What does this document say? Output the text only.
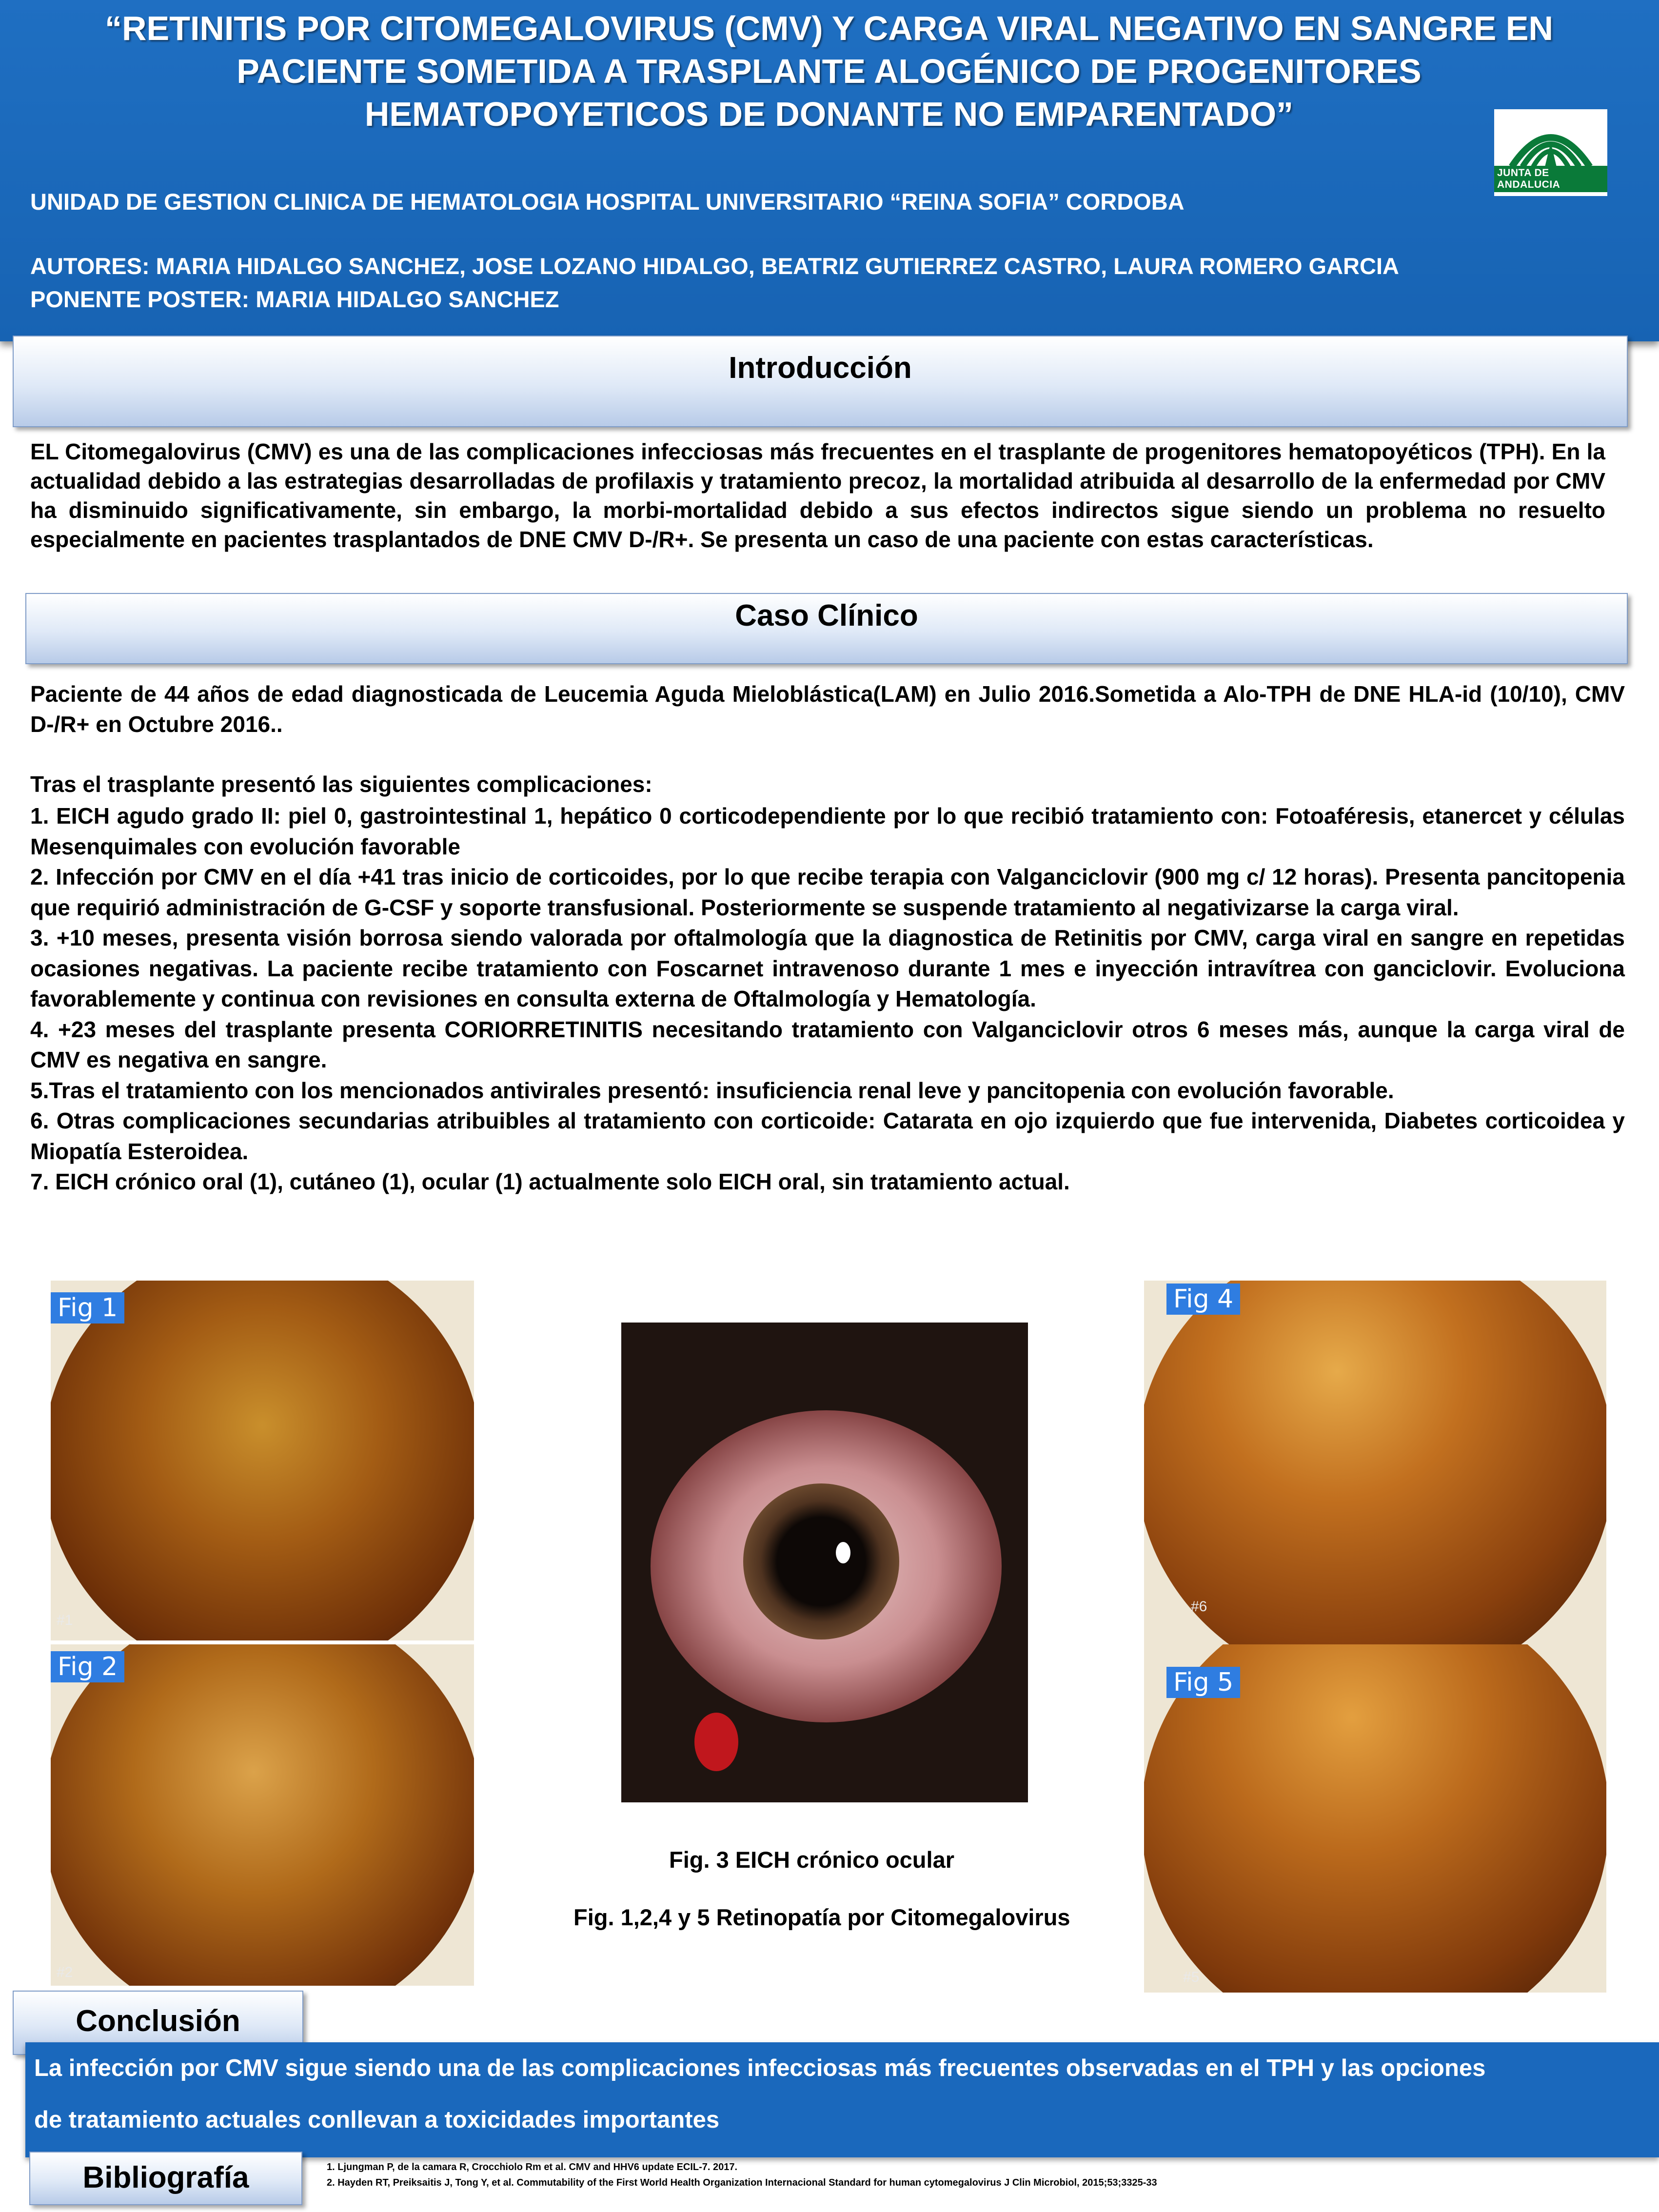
“RETINITIS POR CITOMEGALOVIRUS (CMV) Y CARGA VIRAL NEGATIVO EN SANGRE EN
PACIENTE SOMETIDA A TRASPLANTE ALOGÉNICO DE PROGENITORES
HEMATOPOYETICOS DE DONANTE NO EMPARENTADO”
UNIDAD DE GESTION CLINICA DE HEMATOLOGIA HOSPITAL UNIVERSITARIO “REINA SOFIA” CORDOBA
AUTORES: MARIA HIDALGO SANCHEZ, JOSE LOZANO HIDALGO, BEATRIZ GUTIERREZ CASTRO, LAURA ROMERO GARCIA
PONENTE POSTER: MARIA HIDALGO SANCHEZ
JUNTA DE ANDALUCIA
Introducción
EL Citomegalovirus (CMV) es una de las complicaciones infecciosas más frecuentes en el trasplante de progenitores hematopoyéticos (TPH). En la actualidad debido a las estrategias desarrolladas de profilaxis y tratamiento precoz, la mortalidad atribuida al desarrollo de la enfermedad por CMV ha disminuido significativamente, sin embargo, la morbi-mortalidad debido a sus efectos indirectos sigue siendo un problema no resuelto especialmente en pacientes trasplantados de DNE CMV D-/R+. Se presenta un caso de una paciente con estas características.
Caso Clínico
Paciente de 44 años de edad diagnosticada de Leucemia Aguda Mieloblástica(LAM) en Julio 2016.Sometida a Alo-TPH de DNE HLA-id (10/10), CMV D-/R+ en Octubre 2016..
Tras el trasplante presentó las siguientes complicaciones:
1. EICH agudo grado II: piel 0, gastrointestinal 1, hepático 0 corticodependiente por lo que recibió tratamiento con: Fotoaféresis, etanercet y células Mesenquimales con evolución favorable
2. Infección por CMV en el día +41 tras inicio de corticoides, por lo que recibe terapia con Valganciclovir (900 mg c/ 12 horas). Presenta pancitopenia que requirió administración de G-CSF y soporte transfusional. Posteriormente se suspende tratamiento al negativizarse la carga viral.
3. +10 meses, presenta visión borrosa siendo valorada por oftalmología que la diagnostica de Retinitis por CMV, carga viral en sangre en repetidas ocasiones negativas. La paciente recibe tratamiento con Foscarnet intravenoso durante 1 mes e inyección intravítrea con ganciclovir. Evoluciona favorablemente y continua con revisiones en consulta externa de Oftalmología y Hematología.
4. +23 meses del trasplante presenta CORIORRETINITIS necesitando tratamiento con Valganciclovir otros 6 meses más, aunque la carga viral de CMV es negativa en sangre.
5.Tras el tratamiento con los mencionados antivirales presentó: insuficiencia renal leve y pancitopenia con evolución favorable.
6. Otras complicaciones secundarias atribuibles al tratamiento con corticoide: Catarata en ojo izquierdo que fue intervenida, Diabetes corticoidea y Miopatía Esteroidea.
7. EICH crónico oral (1), cutáneo (1), ocular (1) actualmente solo EICH oral, sin tratamiento actual.
#1
Fig 1
#2
Fig 2
#6
Fig 4
#5
Fig 5
Fig. 3 EICH crónico ocular
Fig. 1,2,4 y 5 Retinopatía por Citomegalovirus
Conclusión
La infección por CMV sigue siendo una de las complicaciones infecciosas más frecuentes observadas en el TPH y las opciones
de tratamiento actuales conllevan a toxicidades importantes
Bibliografía	1. Ljungman P, de la camara R, Crocchiolo Rm et al. CMV and HHV6 update ECIL-7. 2017.
2. Hayden RT, Preiksaitis J, Tong Y, et al. Commutability of the First World Health Organization Internacional Standard for human cytomegalovirus J Clin Microbiol, 2015;53;3325-33
